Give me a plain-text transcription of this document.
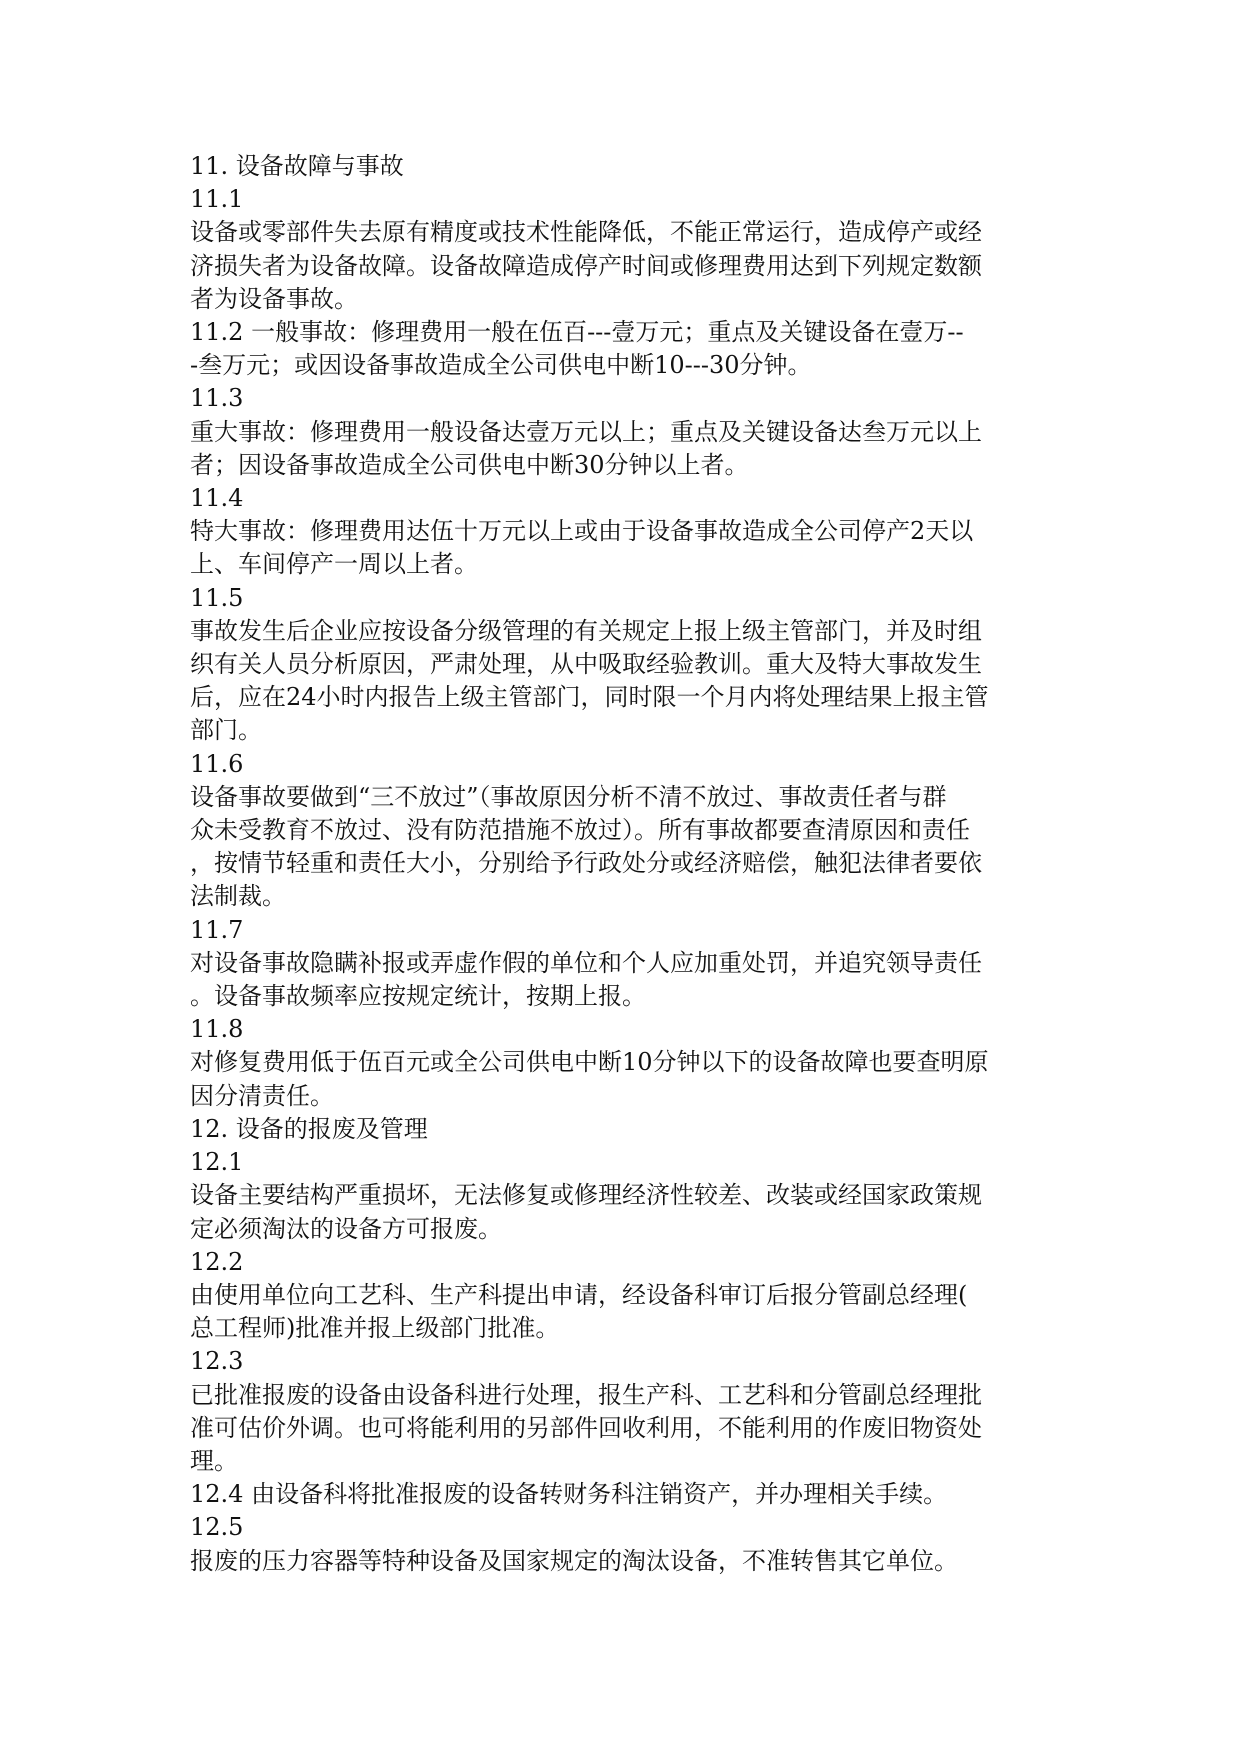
11. 设备故障与事故
11.1
设备或零部件失去原有精度或技术性能降低，不能正常运行，造成停产或经
济损失者为设备故障。设备故障造成停产时间或修理费用达到下列规定数额
者为设备事故。
11.2 一般事故：修理费用一般在伍百---壹万元；重点及关键设备在壹万--
-叁万元；或因设备事故造成全公司供电中断10---30分钟。
11.3
重大事故：修理费用一般设备达壹万元以上；重点及关键设备达叁万元以上
者；因设备事故造成全公司供电中断30分钟以上者。
11.4
特大事故：修理费用达伍十万元以上或由于设备事故造成全公司停产2天以
上、车间停产一周以上者。
11.5
事故发生后企业应按设备分级管理的有关规定上报上级主管部门，并及时组
织有关人员分析原因，严肃处理，从中吸取经验教训。重大及特大事故发生
后，应在24小时内报告上级主管部门，同时限一个月内将处理结果上报主管
部门。
11.6
设备事故要做到“三不放过”（事故原因分析不清不放过、事故责任者与群
众未受教育不放过、没有防范措施不放过）。所有事故都要查清原因和责任
，按情节轻重和责任大小，分别给予行政处分或经济赔偿，触犯法律者要依
法制裁。
11.7
对设备事故隐瞒补报或弄虚作假的单位和个人应加重处罚，并追究领导责任
。设备事故频率应按规定统计，按期上报。
11.8
对修复费用低于伍百元或全公司供电中断10分钟以下的设备故障也要查明原
因分清责任。
12. 设备的报废及管理
12.1
设备主要结构严重损坏，无法修复或修理经济性较差、改装或经国家政策规
定必须淘汰的设备方可报废。
12.2
由使用单位向工艺科、生产科提出申请，经设备科审订后报分管副总经理(
总工程师)批准并报上级部门批准。
12.3
已批准报废的设备由设备科进行处理，报生产科、工艺科和分管副总经理批
准可估价外调。也可将能利用的另部件回收利用，不能利用的作废旧物资处
理。
12.4 由设备科将批准报废的设备转财务科注销资产，并办理相关手续。
12.5
报废的压力容器等特种设备及国家规定的淘汰设备，不准转售其它单位。
